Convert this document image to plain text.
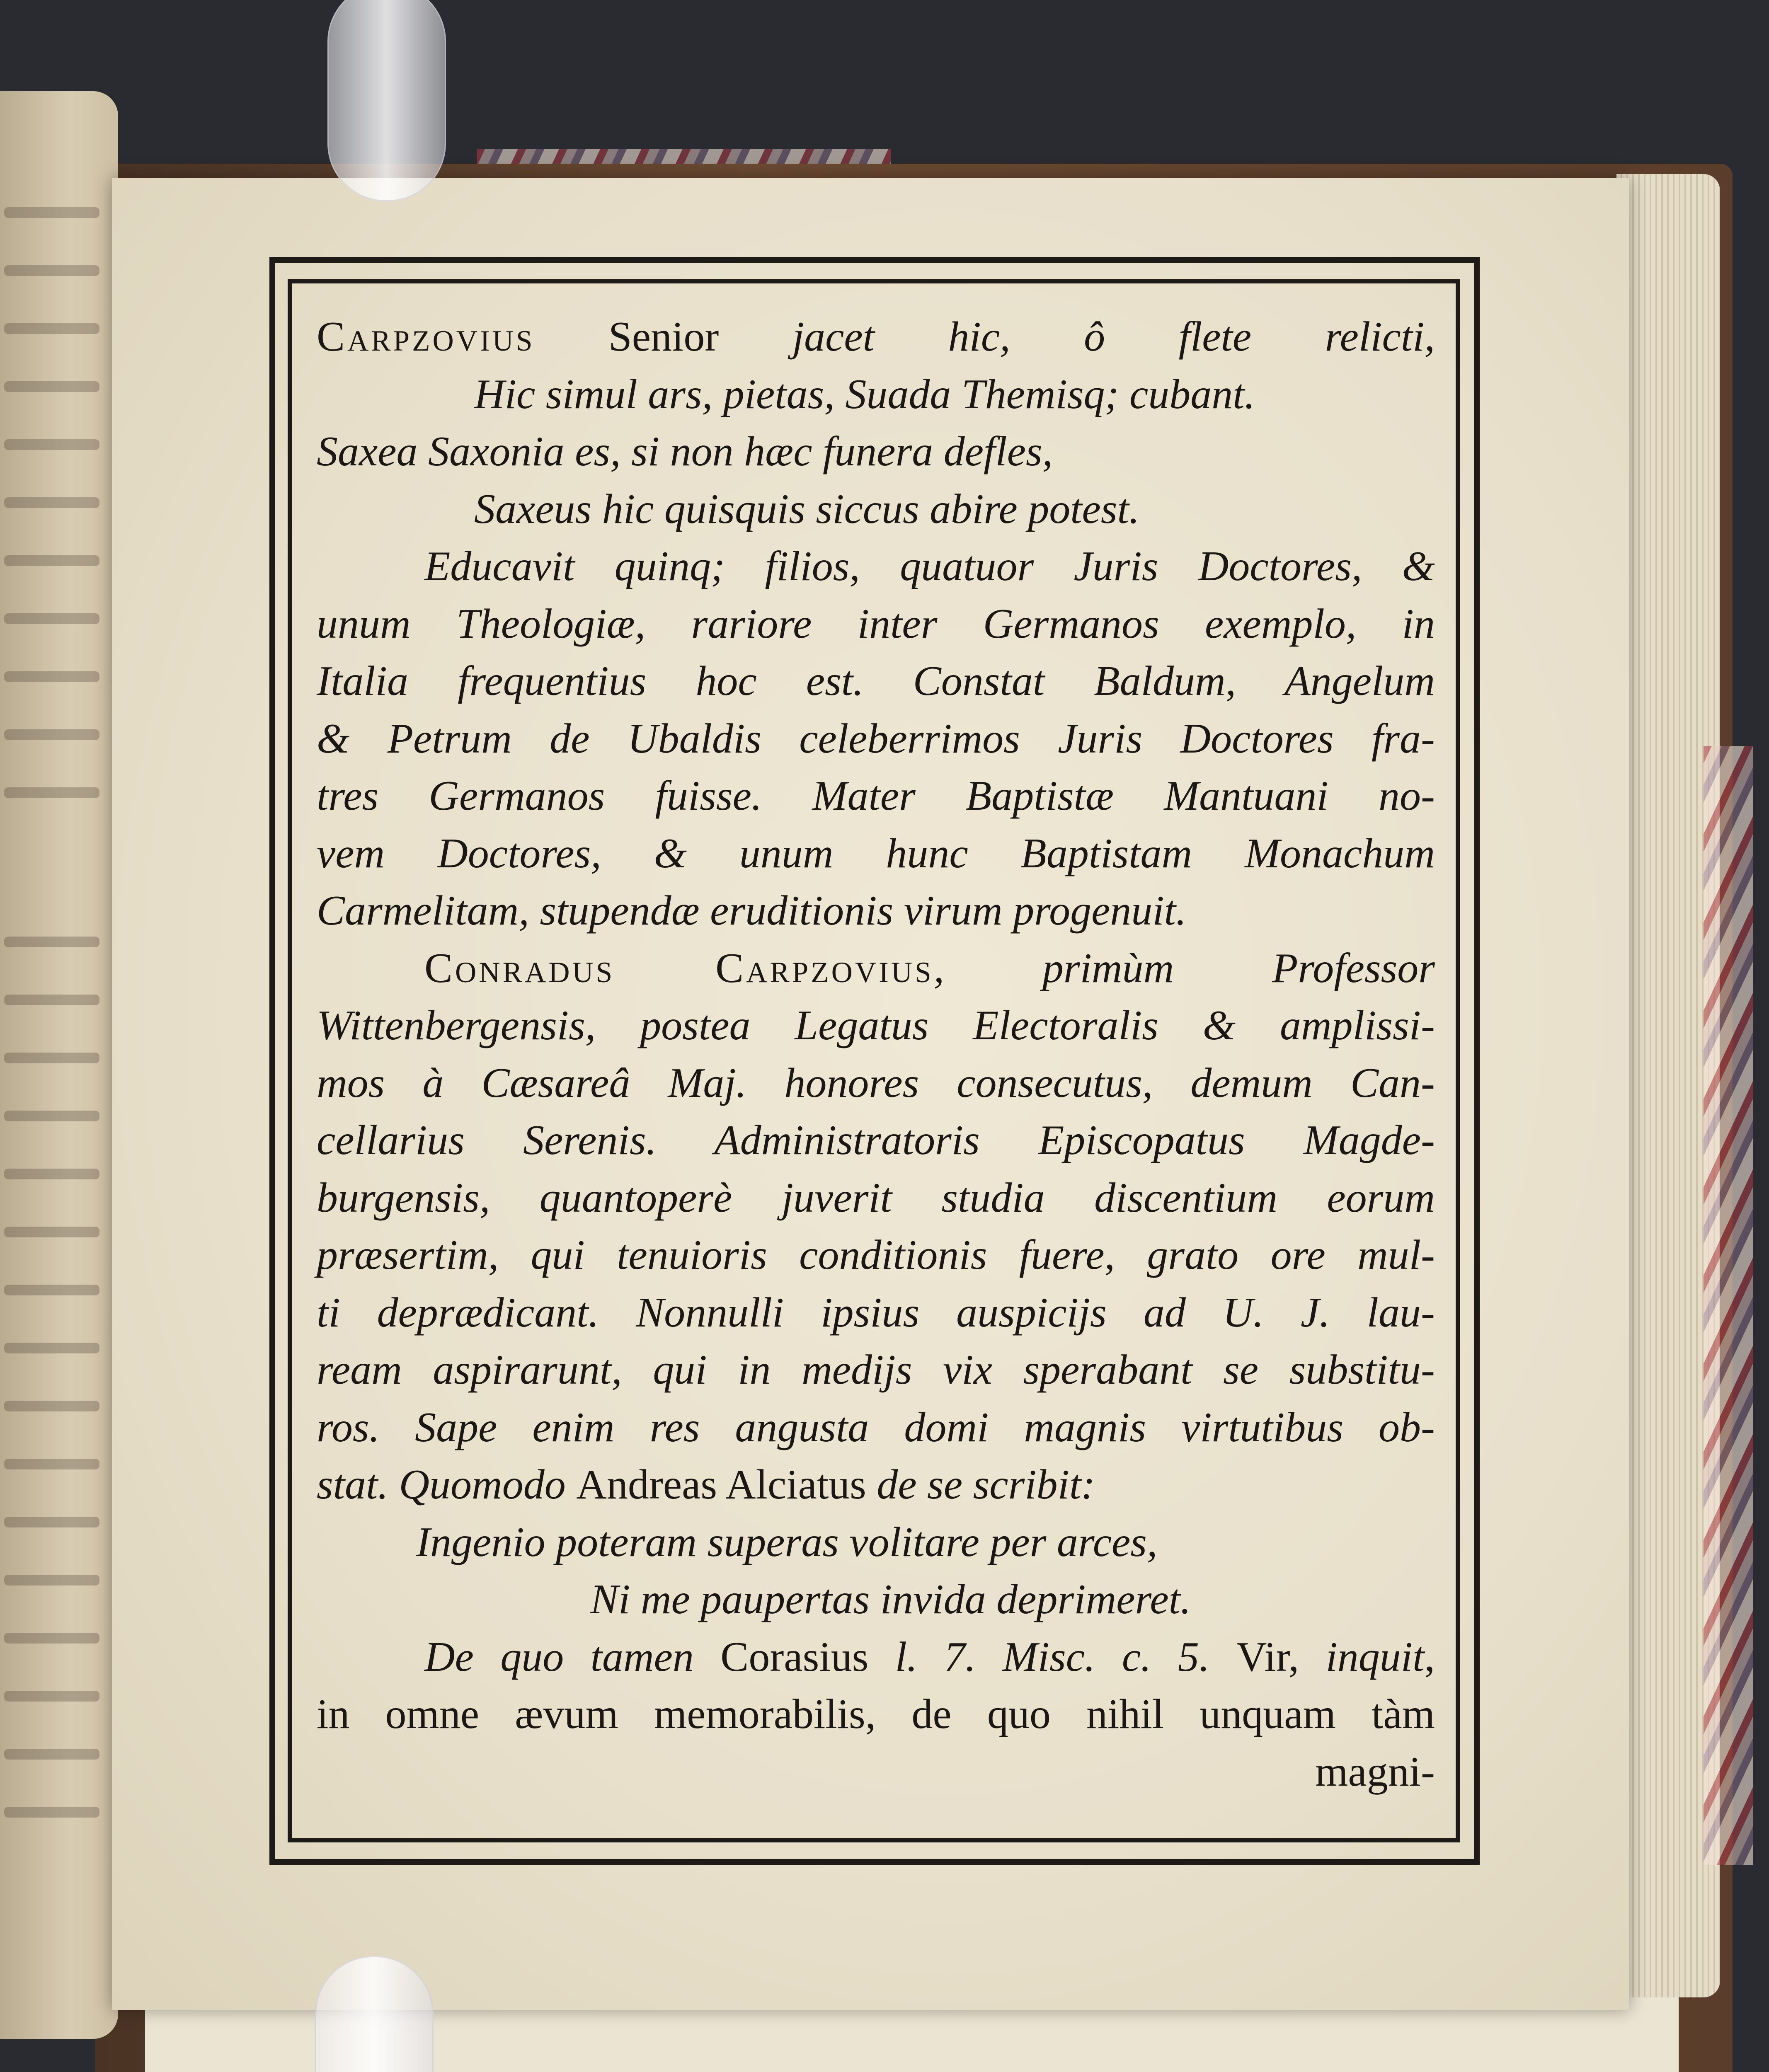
Carpzovius Senior jacet hic, ô flete relicti,
Hic simul ars, pietas, Suada Themisq; cubant.
Saxea Saxonia es, si non hæc funera defles,
Saxeus hic quisquis siccus abire potest.
Educavit quinq; filios, quatuor Juris Doctores, &
unum Theologiæ, rariore inter Germanos exemplo, in
Italia frequentius hoc est. Constat Baldum, Angelum
& Petrum de Ubaldis celeberrimos Juris Doctores fra-
tres Germanos fuisse. Mater Baptistæ Mantuani no-
vem Doctores, & unum hunc Baptistam Monachum
Carmelitam, stupendæ eruditionis virum progenuit.
Conradus Carpzovius, primùm Professor
Wittenbergensis, postea Legatus Electoralis & amplissi-
mos à Cæsareâ Maj. honores consecutus, demum Can-
cellarius Serenis. Administratoris Episcopatus Magde-
burgensis, quantoperè juverit studia discentium eorum
præsertim, qui tenuioris conditionis fuere, grato ore mul-
ti deprædicant. Nonnulli ipsius auspicijs ad U. J. lau-
ream aspirarunt, qui in medijs vix sperabant se substitu-
ros. Sape enim res angusta domi magnis virtutibus ob-
stat. Quomodo Andreas Alciatus de se scribit:
Ingenio poteram superas volitare per arces,
Ni me paupertas invida deprimeret.
De quo tamen Corasius l. 7. Misc. c. 5. Vir, inquit,
in omne ævum memorabilis, de quo nihil unquam tàm
magni-
